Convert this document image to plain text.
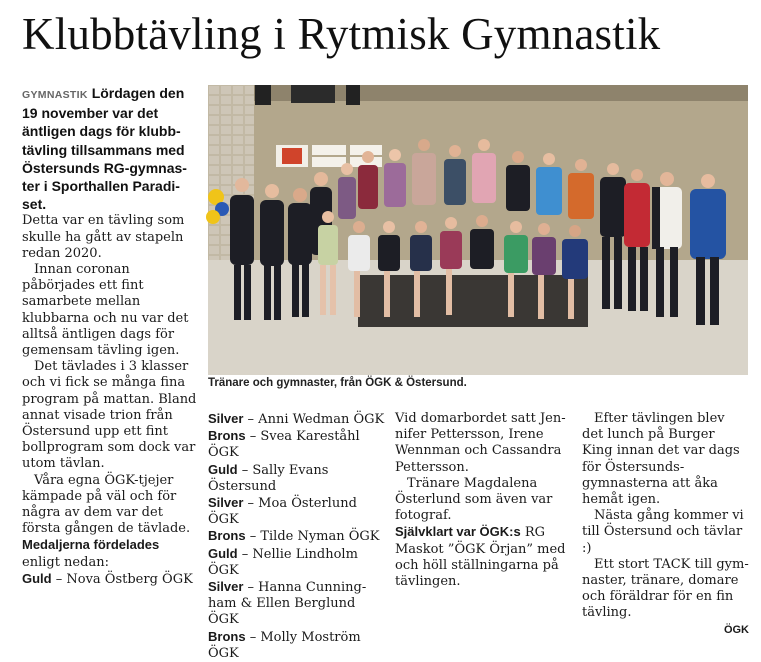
Klubbtävling i Rytmisk Gymnastik
Tränare och gymnaster, från ÖGK & Östersund.

GYMNASTIK Lördagen den 19 november var det äntligen dags för klubbtävling tillsammans med Östersunds RG-gymnaster i Sporthallen Paradiset.

Detta var en tävling som skulle ha gått av stapeln redan 2020.

Innan coronan påbörjades ett fint samarbete mellan klubbarna och nu var det alltså äntligen dags för gemensam tävling igen.

Det tävlades i 3 klasser och vi fick se många fina program på mattan. Bland annat visade trion från Östersund upp ett fint bollprogram som dock var utom tävlan.

Våra egna ÖGK-tjejer kämpade på väl och för några av dem var det första gången de tävlade.

Medaljerna fördelades enligt nedan:

Guld – Nova Östberg ÖGK

Silver – Anni Wedman ÖGK

Brons – Svea Kareståhl ÖGK

Guld – Sally Evans Östersund

Silver – Moa Österlund ÖGK

Brons – Tilde Nyman ÖGK

Guld – Nellie Lindholm ÖGK

Silver – Hanna Cunningham & Ellen Berglund ÖGK

Brons – Molly Moström ÖGK

Vid domarbordet satt Jennifer Pettersson, Irene Wennman och Cassandra Pettersson.

Tränare Magdalena Österlund som även var fotograf.

Självklart var ÖGK:s RG Maskot ”ÖGK Örjan” med och höll ställningarna på tävlingen.

Efter tävlingen blev det lunch på Burger King innan det var dags för Östersundsgymnasterna att åka hemåt igen.

Nästa gång kommer vi till Östersund och tävlar :)

Ett stort TACK till gymnaster, tränare, domare och föräldrar för en fin tävling.

ÖGK
